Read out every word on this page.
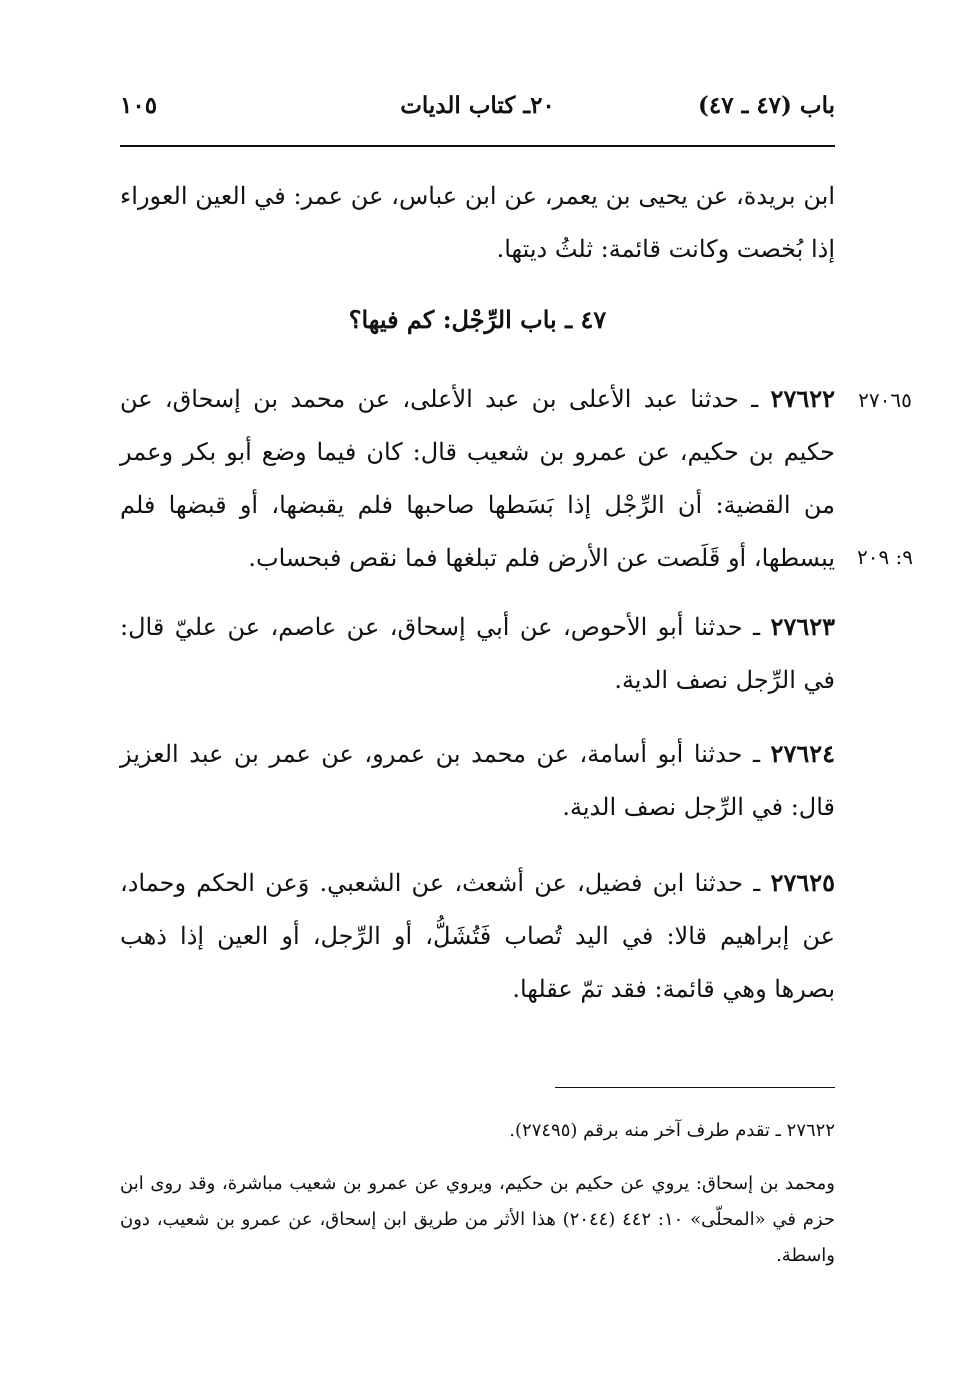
باب (٤٧ ـ ٤٧)
٢٠ـ كتاب الديات
١٠٥
ابن بريدة، عن يحيى بن يعمر، عن ابن عباس، عن عمر: في العين العوراء إذا بُخصت وكانت قائمة: ثلثُ ديتها.
٤٧ ـ باب الرِّجْل: كم فيها؟
٢٧٦٢٢ ـ حدثنا عبد الأعلى بن عبد الأعلى، عن محمد بن إسحاق، عن حكيم بن حكيم، عن عمرو بن شعيب قال: كان فيما وضع أبو بكر وعمر من القضية: أن الرِّجْل إذا بَسَطها صاحبها فلم يقبضها، أو قبضها فلم يبسطها، أو قَلَصت عن الأرض فلم تبلغها فما نقص فبحساب.
٢٧٠٦٥
٩: ٢٠٩
٢٧٦٢٣ ـ حدثنا أبو الأحوص، عن أبي إسحاق، عن عاصم، عن عليّ قال: في الرِّجل نصف الدية.
٢٧٦٢٤ ـ حدثنا أبو أسامة، عن محمد بن عمرو، عن عمر بن عبد العزيز قال: في الرِّجل نصف الدية.
٢٧٦٢٥ ـ حدثنا ابن فضيل، عن أشعث، عن الشعبي. وَعن الحكم وحماد، عن إبراهيم قالا: في اليد تُصاب فَتُشَلُّ، أو الرِّجل، أو العين إذا ذهب بصرها وهي قائمة: فقد تمّ عقلها.
٢٧٦٢٢ ـ تقدم طرف آخر منه برقم (٢٧٤٩٥).
ومحمد بن إسحاق: يروي عن حكيم بن حكيم، ويروي عن عمرو بن شعيب مباشرة، وقد روى ابن حزم في «المحلّى» ١٠: ٤٤٢ (٢٠٤٤) هذا الأثر من طريق ابن إسحاق، عن عمرو بن شعيب، دون واسطة.
